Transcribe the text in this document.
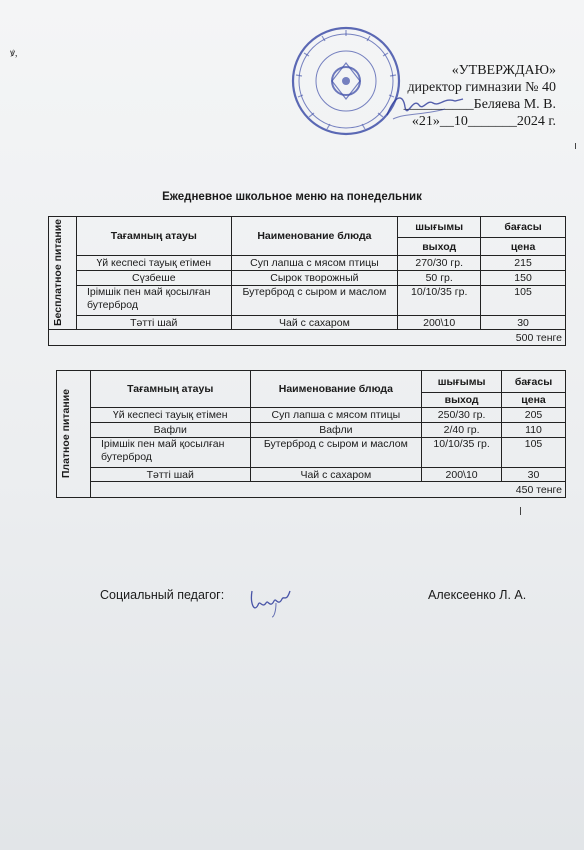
ꝟ,
«УТВЕРЖДАЮ»
директор гимназии № 40
__________Беляева М. В.
«21»__10_______2024 г.
Ежедневное школьное меню на понедельник
Бесплатное питание	Тағамның атауы	Наименование блюда	шығымы	бағасы
			выход	цена
	Үй кеспесі тауық етімен	Суп лапша с мясом птицы	270/30 гр.	215
	Сүзбеше	Сырок творожный	50 гр.	150
	Ірімшік пен май қосылған бутерброд	Бутерброд с сыром и маслом	10/10/35 гр.	105
	Тәтті шай	Чай с сахаром	200\10	30
500 тенге				
Платное питание	Тағамның атауы	Наименование блюда	шығымы	бағасы
			выход	цена
	Үй кеспесі тауық етімен	Суп лапша с мясом птицы	250/30 гр.	205
	Вафли	Вафли	2/40 гр.	110
	Ірімшік пен май қосылған бутерброд	Бутерброд с сыром и маслом	10/10/35 гр.	105
	Тәтті шай	Чай с сахаром	200\10	30
	450 тенге			
Социальный педагог:	Алексеенко Л. А.
